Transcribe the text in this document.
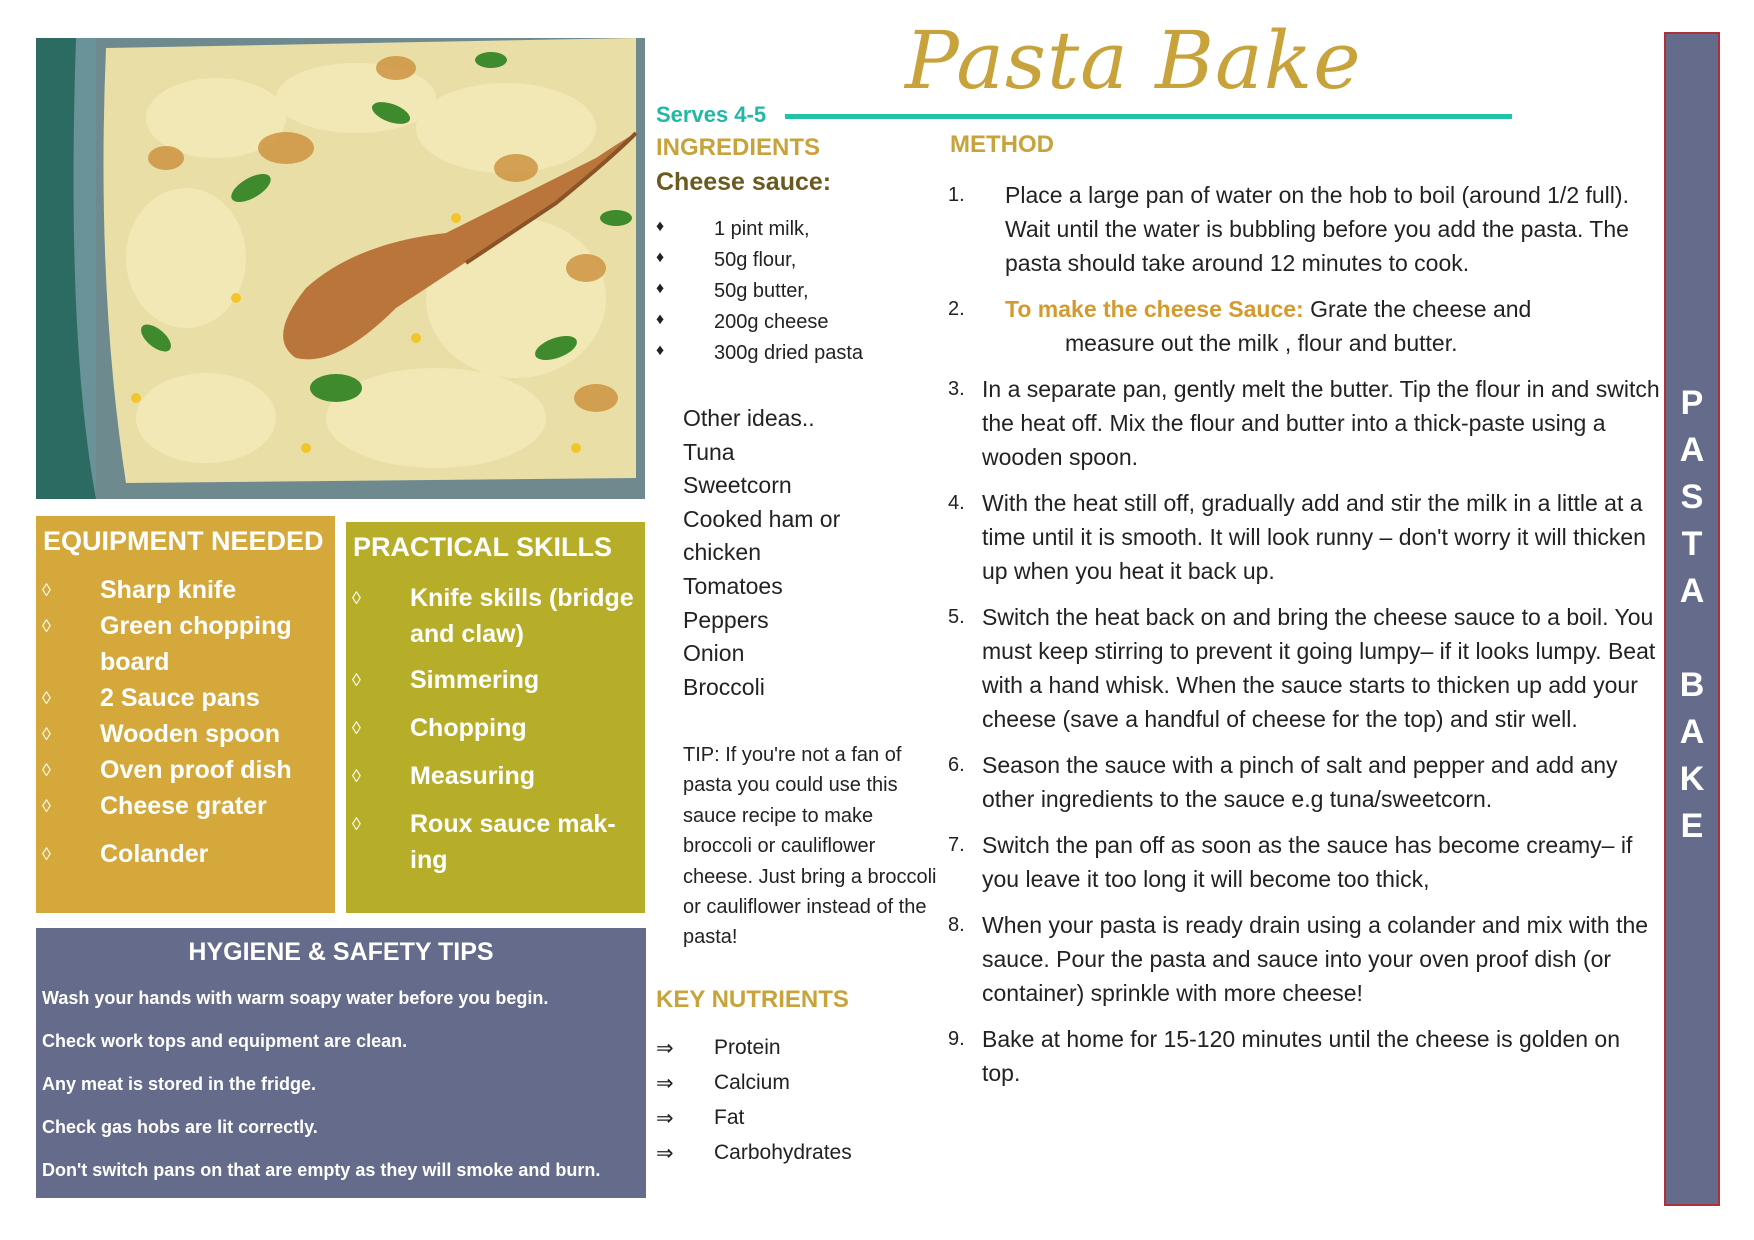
Pasta Bake
Serves 4-5
INGREDIENTS
Cheese sauce:
♦ 1 pint milk,
♦ 50g flour,
♦ 50g butter,
♦ 200g cheese
♦ 300g dried pasta
Other ideas..
Tuna
Sweetcorn
Cooked ham or
chicken
Tomatoes
Peppers
Onion
Broccoli
TIP: If you're not a fan of pasta you could use this sauce recipe to make broccoli or cauliflower cheese. Just bring a broccoli or cauliflower instead of the pasta!
KEY NUTRIENTS
⇒ Protein
⇒ Calcium
⇒ Fat
⇒ Carbohydrates
METHOD
1. Place a large pan of water on the hob to boil (around 1/2 full). Wait until the water is bubbling before you add the pasta. The pasta should take around 12 minutes to cook.
2. To make the cheese Sauce: Grate the cheese and
measure out the milk , flour and butter.
3. In a separate pan, gently melt the butter. Tip the flour in and switch the heat off. Mix the flour and butter into a thick-paste using a wooden spoon.
4. With the heat still off, gradually add and stir the milk in a little at a time until it is smooth. It will look runny – don't worry it will thicken up when you heat it back up.
5. Switch the heat back on and bring the cheese sauce to a boil. You must keep stirring to prevent it going lumpy– if it looks lumpy. Beat with a hand whisk. When the sauce starts to thicken up add your cheese (save a handful of cheese for the top) and stir well.
6. Season the sauce with a pinch of salt and pepper and add any other ingredients to the sauce e.g tuna/sweetcorn.
7. Switch the pan off as soon as the sauce has become creamy– if you leave it too long it will become too thick,
8. When your pasta is ready drain using a colander and mix with the sauce. Pour the pasta and sauce into your oven proof dish (or container) sprinkle with more cheese!
9. Bake at home for 15-120 minutes until the cheese is golden on top.
P
A
S
T
A

B
A
K
E
EQUIPMENT NEEDED
◊ Sharp knife
◊ Green chopping board
◊ 2 Sauce pans
◊ Wooden spoon
◊ Oven proof dish
◊ Cheese grater
◊ Colander
PRACTICAL SKILLS
◊ Knife skills (bridge and claw)
◊ Simmering
◊ Chopping
◊ Measuring
◊ Roux sauce mak-ing
HYGIENE & SAFETY TIPS
Wash your hands with warm soapy water before you begin.
Check work tops and equipment are clean.
Any meat is stored in the fridge.
Check gas hobs are lit correctly.
Don't switch pans on that are empty as they will smoke and burn.
